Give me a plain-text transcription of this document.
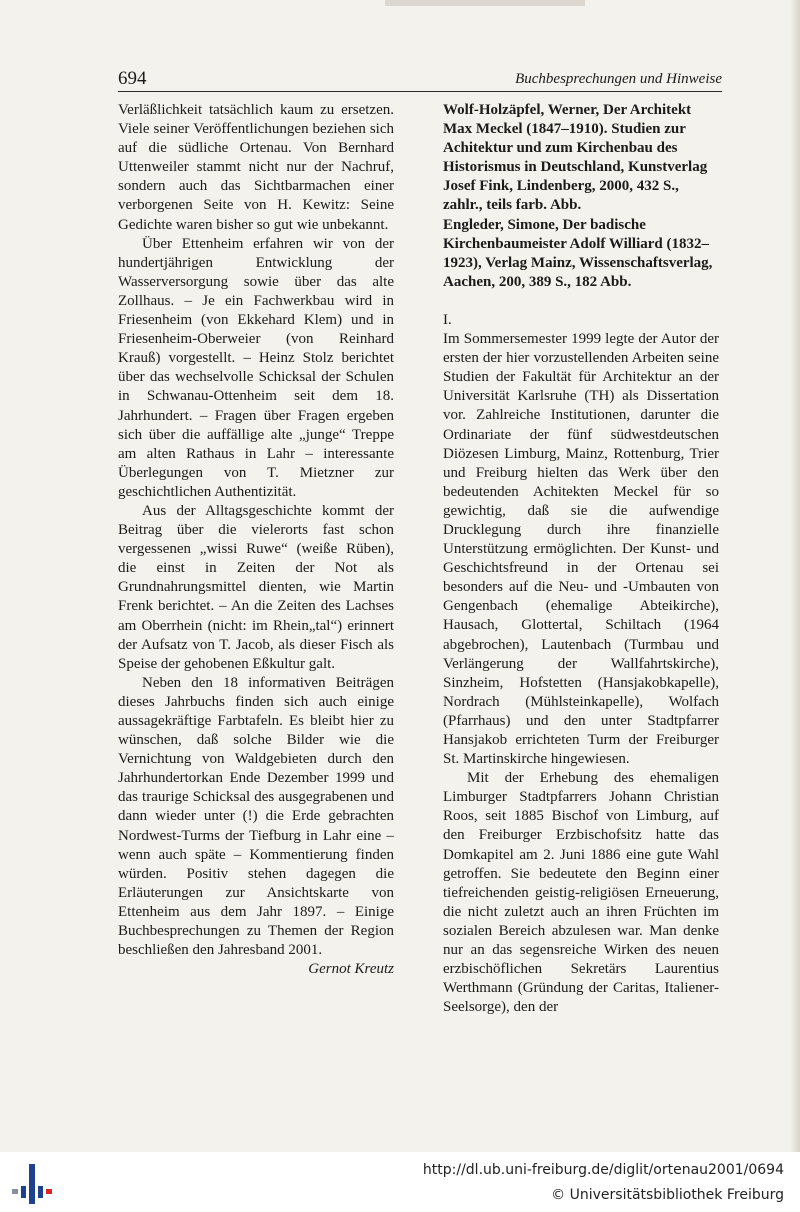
694	Buchbesprechungen und Hinweise

Verläßlichkeit tatsächlich kaum zu ersetzen. Viele seiner Veröffentlichungen beziehen sich auf die südliche Ortenau. Von Bernhard Uttenweiler stammt nicht nur der Nachruf, sondern auch das Sichtbarmachen einer verborgenen Seite von H. Kewitz: Seine Gedichte waren bisher so gut wie unbekannt.

Über Ettenheim erfahren wir von der hundertjährigen Entwicklung der Wasserversorgung sowie über das alte Zollhaus. – Je ein Fachwerkbau wird in Friesenheim (von Ekkehard Klem) und in Friesenheim-Oberweier (von Reinhard Krauß) vorgestellt. – Heinz Stolz berichtet über das wechselvolle Schicksal der Schulen in Schwanau-Ottenheim seit dem 18. Jahrhundert. – Fragen über Fragen ergeben sich über die auffällige alte „junge“ Treppe am alten Rathaus in Lahr – interessante Überlegungen von T. Mietzner zur geschichtlichen Authentizität.

Aus der Alltagsgeschichte kommt der Beitrag über die vielerorts fast schon vergessenen „wissi Ruwe“ (weiße Rüben), die einst in Zeiten der Not als Grundnahrungsmittel dienten, wie Martin Frenk berichtet. – An die Zeiten des Lachses am Oberrhein (nicht: im Rhein„tal“) erinnert der Aufsatz von T. Jacob, als dieser Fisch als Speise der gehobenen Eßkultur galt.

Neben den 18 informativen Beiträgen dieses Jahrbuchs finden sich auch einige aussagekräftige Farbtafeln. Es bleibt hier zu wünschen, daß solche Bilder wie die Vernichtung von Waldgebieten durch den Jahrhundertorkan Ende Dezember 1999 und das traurige Schicksal des ausgegrabenen und dann wieder unter (!) die Erde gebrachten Nordwest-Turms der Tiefburg in Lahr eine – wenn auch späte – Kommentierung finden würden. Positiv stehen dagegen die Erläuterungen zur Ansichtskarte von Ettenheim aus dem Jahr 1897. – Einige Buchbesprechungen zu Themen der Region beschließen den Jahresband 2001.

Gernot Kreutz

Wolf-Holzäpfel, Werner, Der Architekt Max Meckel (1847–1910). Studien zur Achitektur und zum Kirchenbau des Historismus in Deutschland, Kunstverlag Josef Fink, Lindenberg, 2000, 432 S., zahlr., teils farb. Abb.

Engleder, Simone, Der badische Kirchenbaumeister Adolf Williard (1832–1923), Verlag Mainz, Wissenschaftsverlag, Aachen, 200, 389 S., 182 Abb.

I.

Im Sommersemester 1999 legte der Autor der ersten der hier vorzustellenden Arbeiten seine Studien der Fakultät für Architektur an der Universität Karlsruhe (TH) als Dissertation vor. Zahlreiche Institutionen, darunter die Ordinariate der fünf südwestdeutschen Diözesen Limburg, Mainz, Rottenburg, Trier und Freiburg hielten das Werk über den bedeutenden Achitekten Meckel für so gewichtig, daß sie die aufwendige Drucklegung durch ihre finanzielle Unterstützung ermöglichten. Der Kunst- und Geschichtsfreund in der Ortenau sei besonders auf die Neu- und -Umbauten von Gengenbach (ehemalige Abteikirche), Hausach, Glottertal, Schiltach (1964 abgebrochen), Lautenbach (Turmbau und Verlängerung der Wallfahrtskirche), Sinzheim, Hofstetten (Hansjakobkapelle), Nordrach (Mühlsteinkapelle), Wolfach (Pfarrhaus) und den unter Stadtpfarrer Hansjakob errichteten Turm der Freiburger St. Martinskirche hingewiesen.

Mit der Erhebung des ehemaligen Limburger Stadtpfarrers Johann Christian Roos, seit 1885 Bischof von Limburg, auf den Freiburger Erzbischofsitz hatte das Domkapitel am 2. Juni 1886 eine gute Wahl getroffen. Sie bedeutete den Beginn einer tiefreichenden geistig-religiösen Erneuerung, die nicht zuletzt auch an ihren Früchten im sozialen Bereich abzulesen war. Man denke nur an das segensreiche Wirken des neuen erzbischöflichen Sekretärs Laurentius Werthmann (Gründung der Caritas, Italiener-Seelsorge), den der

http://dl.ub.uni-freiburg.de/diglit/ortenau2001/0694
© Universitätsbibliothek Freiburg
